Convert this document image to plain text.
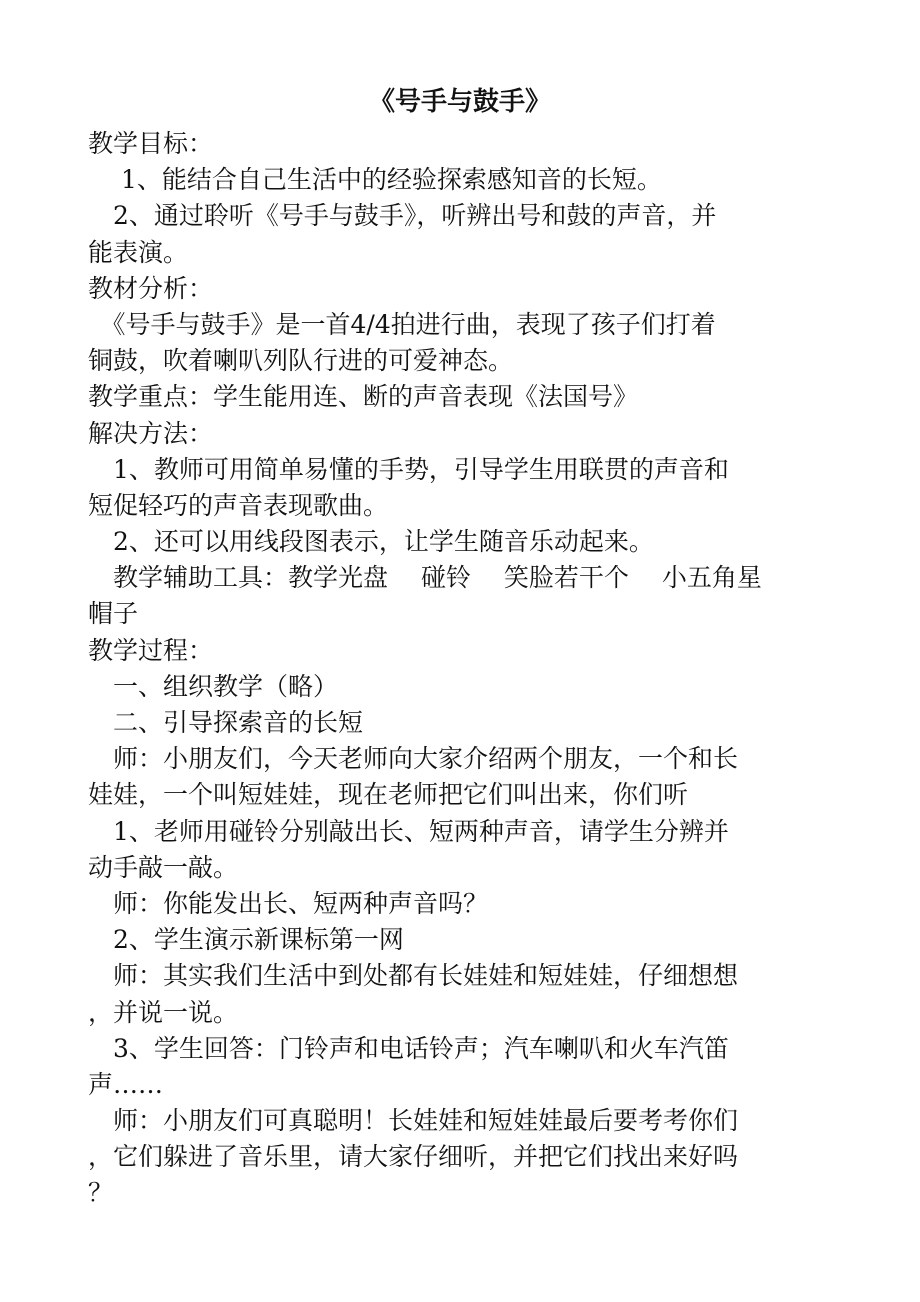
《号手与鼓手》
教学目标：
　 1、能结合自己生活中的经验探索感知音的长短。
　2、通过聆听《号手与鼓手》，听辨出号和鼓的声音，并
能表演。
教材分析：
　《号手与鼓手》是一首4/4拍进行曲，表现了孩子们打着
铜鼓，吹着喇叭列队行进的可爱神态。
教学重点：学生能用连、断的声音表现《法国号》
解决方法：
　1、教师可用简单易懂的手势，引导学生用联贯的声音和
短促轻巧的声音表现歌曲。
　2、还可以用线段图表示，让学生随音乐动起来。
　教学辅助工具：教学光盘　 碰铃　 笑脸若干个　 小五角星
帽子
教学过程：
　一、组织教学（略）
　二、引导探索音的长短
　师：小朋友们，今天老师向大家介绍两个朋友，一个和长
娃娃，一个叫短娃娃，现在老师把它们叫出来，你们听
　1、老师用碰铃分别敲出长、短两种声音，请学生分辨并
动手敲一敲。
　师：你能发出长、短两种声音吗？
　2、学生演示新课标第一网
　师：其实我们生活中到处都有长娃娃和短娃娃，仔细想想
，并说一说。
　3、学生回答：门铃声和电话铃声；汽车喇叭和火车汽笛
声……
　师：小朋友们可真聪明！长娃娃和短娃娃最后要考考你们
，它们躲进了音乐里，请大家仔细听，并把它们找出来好吗
？
